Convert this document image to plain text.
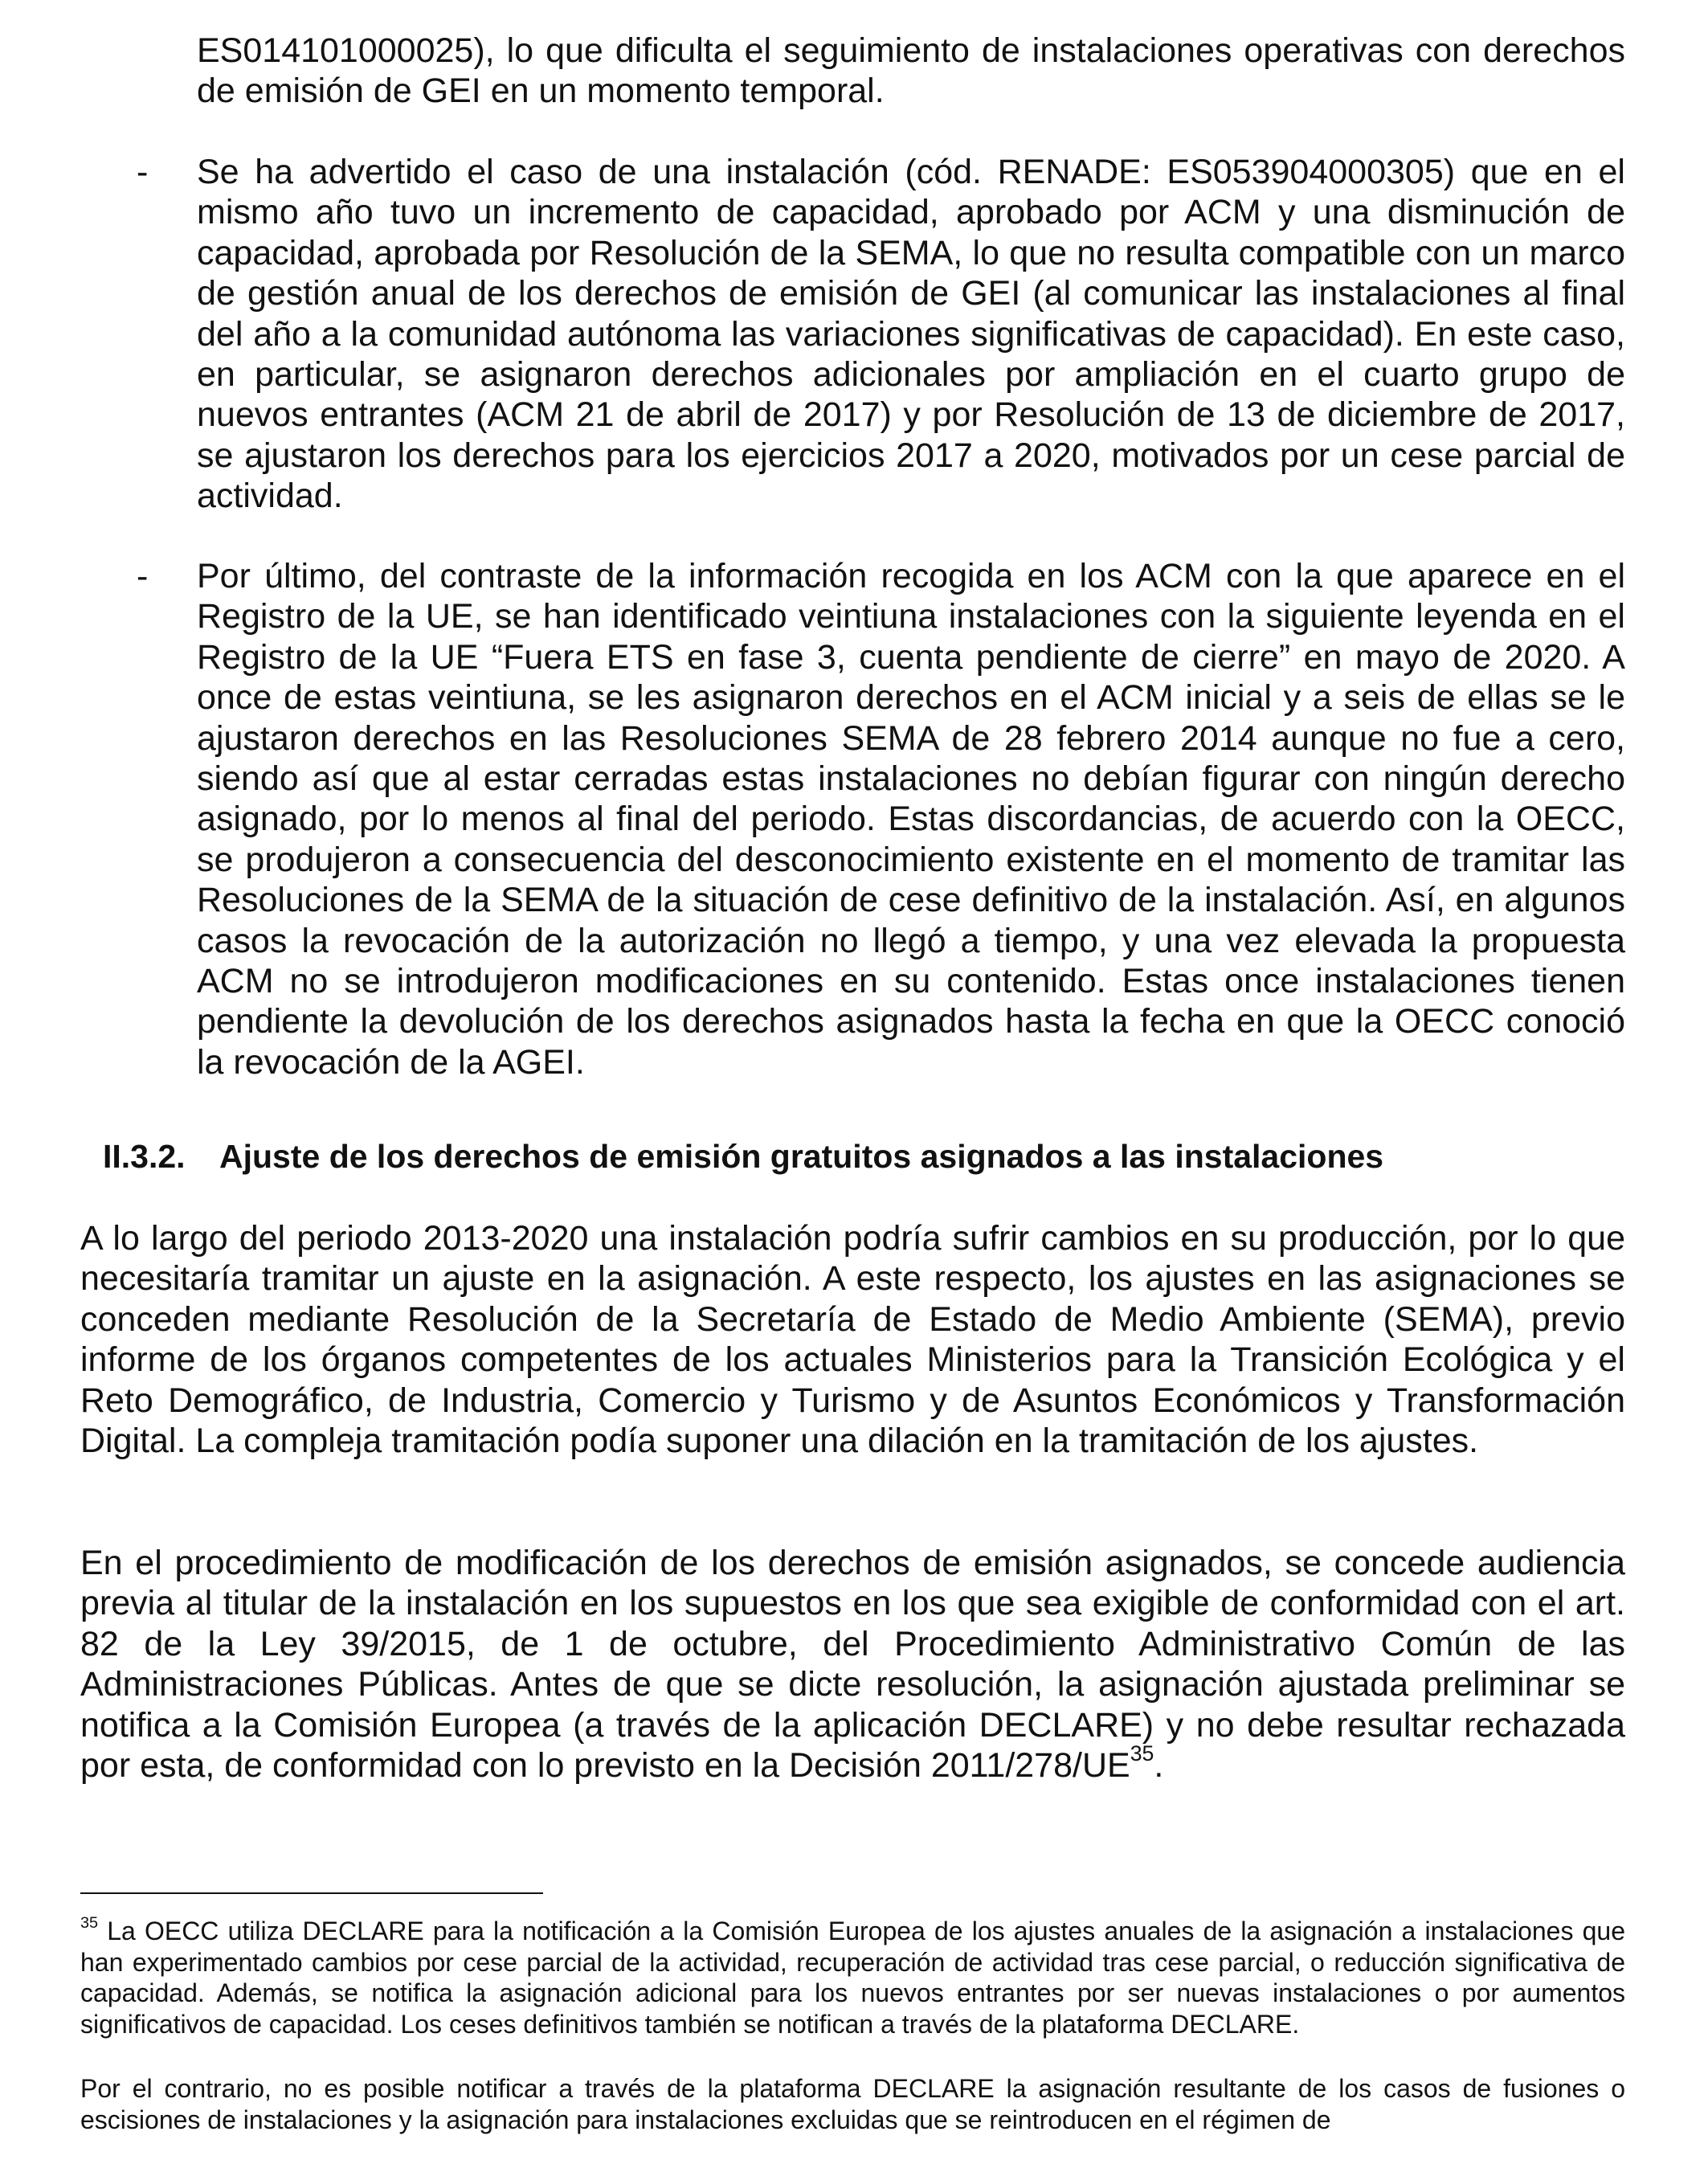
ES014101000025), lo que dificulta el seguimiento de instalaciones operativas con derechos de emisión de GEI en un momento temporal.

- Se ha advertido el caso de una instalación (cód. RENADE: ES053904000305) que en el mismo año tuvo un incremento de capacidad, aprobado por ACM y una disminución de capacidad, aprobada por Resolución de la SEMA, lo que no resulta compatible con un marco de gestión anual de los derechos de emisión de GEI (al comunicar las instalaciones al final del año a la comunidad autónoma las variaciones significativas de capacidad). En este caso, en particular, se asignaron derechos adicionales por ampliación en el cuarto grupo de nuevos entrantes (ACM 21 de abril de 2017) y por Resolución de 13 de diciembre de 2017, se ajustaron los derechos para los ejercicios 2017 a 2020, motivados por un cese parcial de actividad.

- Por último, del contraste de la información recogida en los ACM con la que aparece en el Registro de la UE, se han identificado veintiuna instalaciones con la siguiente leyenda en el Registro de la UE “Fuera ETS en fase 3, cuenta pendiente de cierre” en mayo de 2020. A once de estas veintiuna, se les asignaron derechos en el ACM inicial y a seis de ellas se le ajustaron derechos en las Resoluciones SEMA de 28 febrero 2014 aunque no fue a cero, siendo así que al estar cerradas estas instalaciones no debían figurar con ningún derecho asignado, por lo menos al final del periodo. Estas discordancias, de acuerdo con la OECC, se produjeron a consecuencia del desconocimiento existente en el momento de tramitar las Resoluciones de la SEMA de la situación de cese definitivo de la instalación. Así, en algunos casos la revocación de la autorización no llegó a tiempo, y una vez elevada la propuesta ACM no se introdujeron modificaciones en su contenido. Estas once instalaciones tienen pendiente la devolución de los derechos asignados hasta la fecha en que la OECC conoció la revocación de la AGEI.

II.3.2. Ajuste de los derechos de emisión gratuitos asignados a las instalaciones

A lo largo del periodo 2013-2020 una instalación podría sufrir cambios en su producción, por lo que necesitaría tramitar un ajuste en la asignación. A este respecto, los ajustes en las asignaciones se conceden mediante Resolución de la Secretaría de Estado de Medio Ambiente (SEMA), previo informe de los órganos competentes de los actuales Ministerios para la Transición Ecológica y el Reto Demográfico, de Industria, Comercio y Turismo y de Asuntos Económicos y Transformación Digital. La compleja tramitación podía suponer una dilación en la tramitación de los ajustes.

En el procedimiento de modificación de los derechos de emisión asignados, se concede audiencia previa al titular de la instalación en los supuestos en los que sea exigible de conformidad con el art. 82 de la Ley 39/2015, de 1 de octubre, del Procedimiento Administrativo Común de las Administraciones Públicas. Antes de que se dicte resolución, la asignación ajustada preliminar se notifica a la Comisión Europea (a través de la aplicación DECLARE) y no debe resultar rechazada por esta, de conformidad con lo previsto en la Decisión 2011/278/UE$^{35}$.

$^{35}$ La OECC utiliza DECLARE para la notificación a la Comisión Europea de los ajustes anuales de la asignación a instalaciones que han experimentado cambios por cese parcial de la actividad, recuperación de actividad tras cese parcial, o reducción significativa de capacidad. Además, se notifica la asignación adicional para los nuevos entrantes por ser nuevas instalaciones o por aumentos significativos de capacidad. Los ceses definitivos también se notifican a través de la plataforma DECLARE.

Por el contrario, no es posible notificar a través de la plataforma DECLARE la asignación resultante de los casos de fusiones o escisiones de instalaciones y la asignación para instalaciones excluidas que se reintroducen en el régimen de
